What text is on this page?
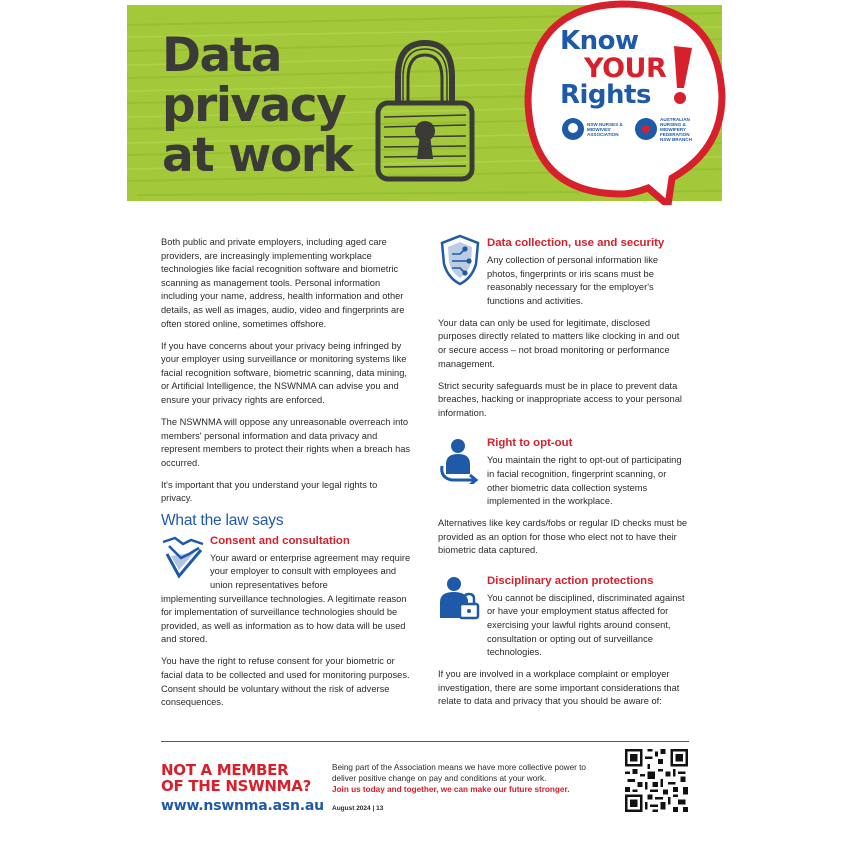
Data
privacy
at work
Know
YOUR
Rights
NSW NURSES & MIDWIVES' ASSOCIATION
AUSTRALIAN NURSING & MIDWIFERY FEDERATION NSW BRANCH

Both public and private employers, including aged care providers, are increasingly implementing workplace technologies like facial recognition software and biometric scanning as management tools. Personal information including your name, address, health information and other details, as well as images, audio, video and fingerprints are often stored online, sometimes offshore.

If you have concerns about your privacy being infringed by your employer using surveillance or monitoring systems like facial recognition software, biometric scanning, data mining, or Artificial Intelligence, the NSWNMA can advise you and ensure your privacy rights are enforced.

The NSWNMA will oppose any unreasonable overreach into members' personal information and data privacy and represent members to protect their rights when a breach has occurred.

It's important that you understand your legal rights to privacy.

What the law says
Consent and consultation

Your award or enterprise agreement may require your employer to consult with employees and union representatives before

implementing surveillance technologies. A legitimate reason for implementation of surveillance technologies should be provided, as well as information as to how data will be used and stored.

You have the right to refuse consent for your biometric or facial data to be collected and used for monitoring purposes. Consent should be voluntary without the risk of adverse consequences.

Data collection, use and security

Any collection of personal information like photos, fingerprints or iris scans must be reasonably necessary for the employer's functions and activities.

Your data can only be used for legitimate, disclosed purposes directly related to matters like clocking in and out or secure access – not broad monitoring or performance management.

Strict security safeguards must be in place to prevent data breaches, hacking or inappropriate access to your personal information.

Right to opt-out

You maintain the right to opt-out of participating in facial recognition, fingerprint scanning, or other biometric data collection systems implemented in the workplace.

Alternatives like key cards/fobs or regular ID checks must be provided as an option for those who elect not to have their biometric data captured.

Disciplinary action protections

You cannot be disciplined, discriminated against or have your employment status affected for exercising your lawful rights around consent, consultation or opting out of surveillance technologies.

If you are involved in a workplace complaint or employer investigation, there are some important considerations that relate to data and privacy that you should be aware of:

NOT A MEMBER
OF THE NSWNMA?
www.nswnma.asn.au
Being part of the Association means we have more collective power to deliver positive change on pay and conditions at your work.
Join us today and together, we can make our future stronger.
August 2024 | 13
